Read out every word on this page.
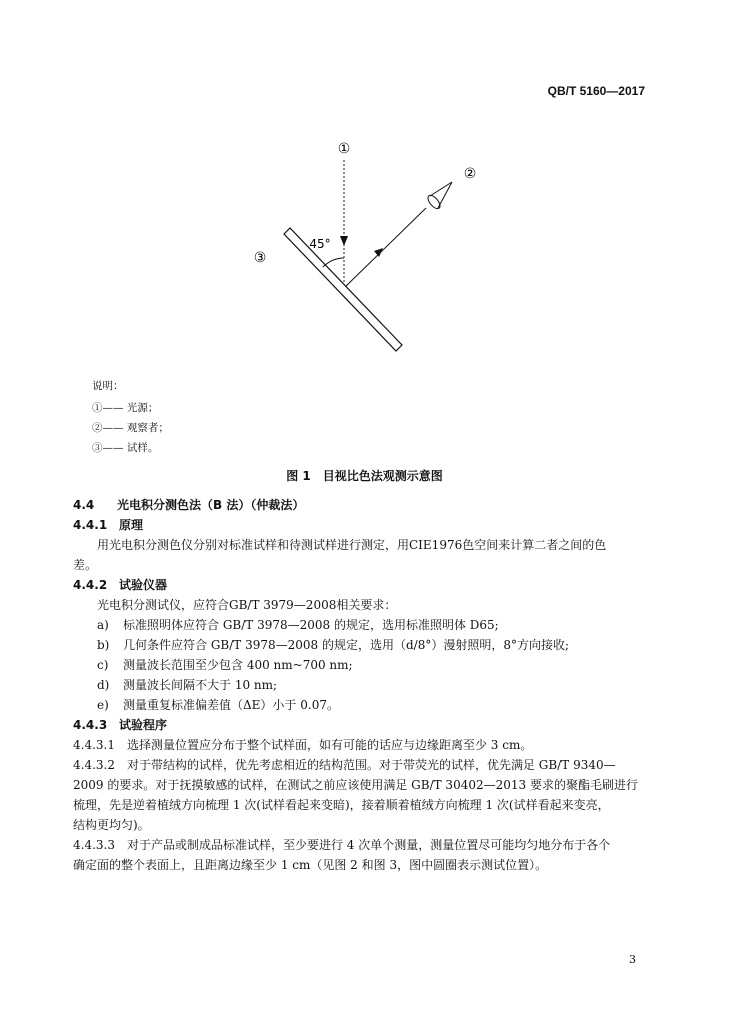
QB/T 5160—2017
①
②
③
45°
说明：
①—— 光源；
②—— 观察者；
③—— 试样。
图 1　目视比色法观测示意图
4.4 光电积分测色法（B 法）（仲裁法）
4.4.1 原理
用光电积分测色仪分别对标准试样和待测试样进行测定，用CIE1976色空间来计算二者之间的色
差。
4.4.2 试验仪器
光电积分测试仪，应符合GB/T 3979—2008相关要求：
a) 标准照明体应符合 GB/T 3978—2008 的规定，选用标准照明体 D65;
b) 几何条件应符合 GB/T 3978—2008 的规定，选用（d/8°）漫射照明，8°方向接收;
c) 测量波长范围至少包含 400 nm~700 nm;
d) 测量波长间隔不大于 10 nm;
e) 测量重复标准偏差值（ΔE）小于 0.07。
4.4.3 试验程序
4.4.3.1　选择测量位置应分布于整个试样面，如有可能的话应与边缘距离至少 3 cm。
4.4.3.2　对于带结构的试样，优先考虑相近的结构范围。对于带荧光的试样，优先满足 GB/T 9340—
2009 的要求。对于抚摸敏感的试样，在测试之前应该使用满足 GB/T 30402—2013 要求的聚酯毛刷进行
梳理，先是逆着植绒方向梳理 1 次(试样看起来变暗)，接着顺着植绒方向梳理 1 次(试样看起来变亮，
结构更均匀)。
4.4.3.3　对于产品或制成品标准试样，至少要进行 4 次单个测量，测量位置尽可能均匀地分布于各个
确定面的整个表面上，且距离边缘至少 1 cm（见图 2 和图 3，图中圆圈表示测试位置）。
3
